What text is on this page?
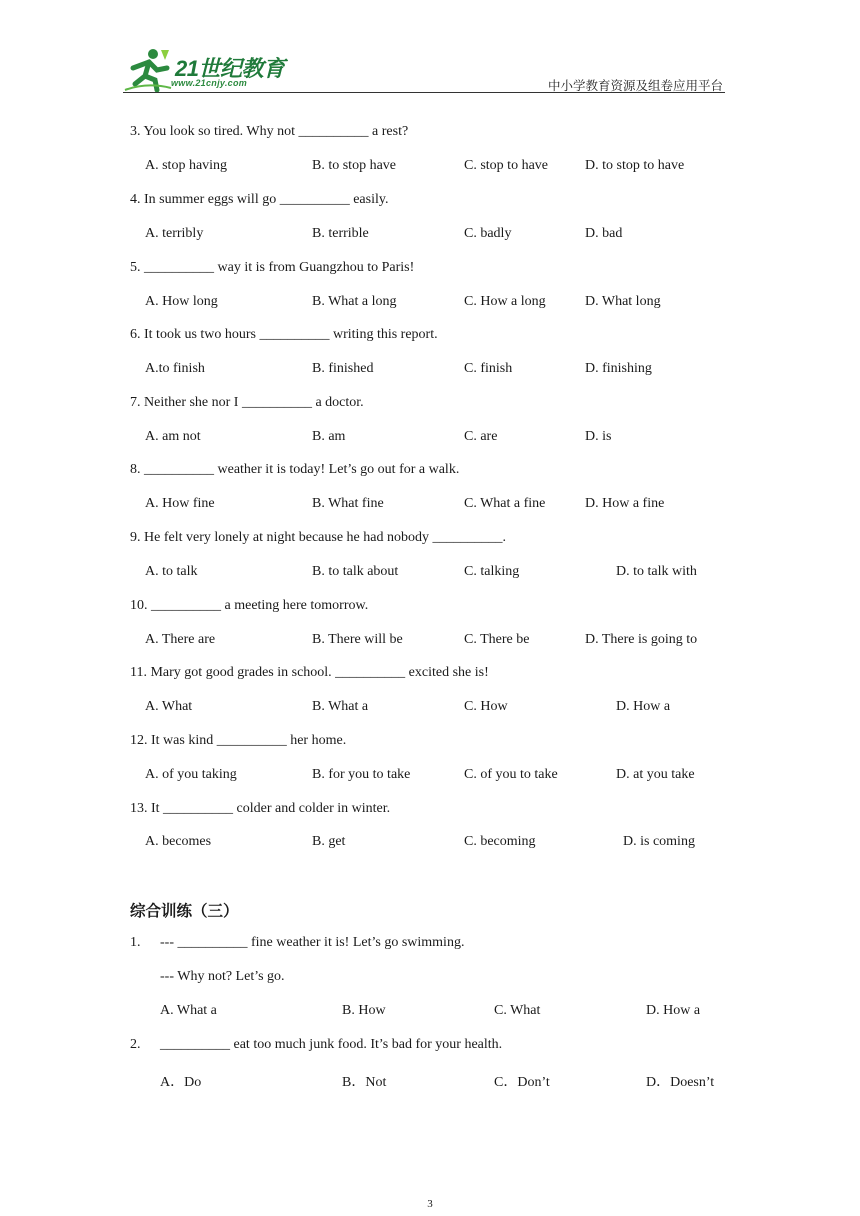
21世纪教育
www.21cnjy.com	中小学教育资源及组卷应用平台
3. You look so tired. Why not __________ a rest?
A. stop having	B. to stop have	C. stop to have	D. to stop to have
4. In summer eggs will go __________ easily.
A. terribly	B. terrible	C. badly	D. bad
5. __________ way it is from Guangzhou to Paris!
A. How long	B. What a long	C. How a long	D. What long
6. It took us two hours __________ writing this report.
A.to finish	B. finished	C. finish	D. finishing
7. Neither she nor I __________ a doctor.
A. am not	B. am	C. are	D. is
8. __________ weather it is today! Let’s go out for a walk.
A. How fine	B. What fine	C. What a fine	D. How a fine
9. He felt very lonely at night because he had nobody __________.
A. to talk	B. to talk about	C. talking	D. to talk with
10. __________ a meeting here tomorrow.
A. There are	B. There will be	C. There be	D. There is going to
11. Mary got good grades in school. __________ excited she is!
A. What	B. What a	C. How	D. How a
12. It was kind __________ her home.
A. of you taking	B. for you to take	C. of you to take	D. at you take
13. It __________ colder and colder in winter.
A. becomes	B. get	C. becoming	D. is coming
综合训练（三）
1. --- __________ fine weather it is! Let’s go swimming.
--- Why not? Let’s go.
A. What a	B. How	C. What	D. How a
2. __________ eat too much junk food. It’s bad for your health.
A．Do	B．Not	C．Don’t	D．Doesn’t
3
